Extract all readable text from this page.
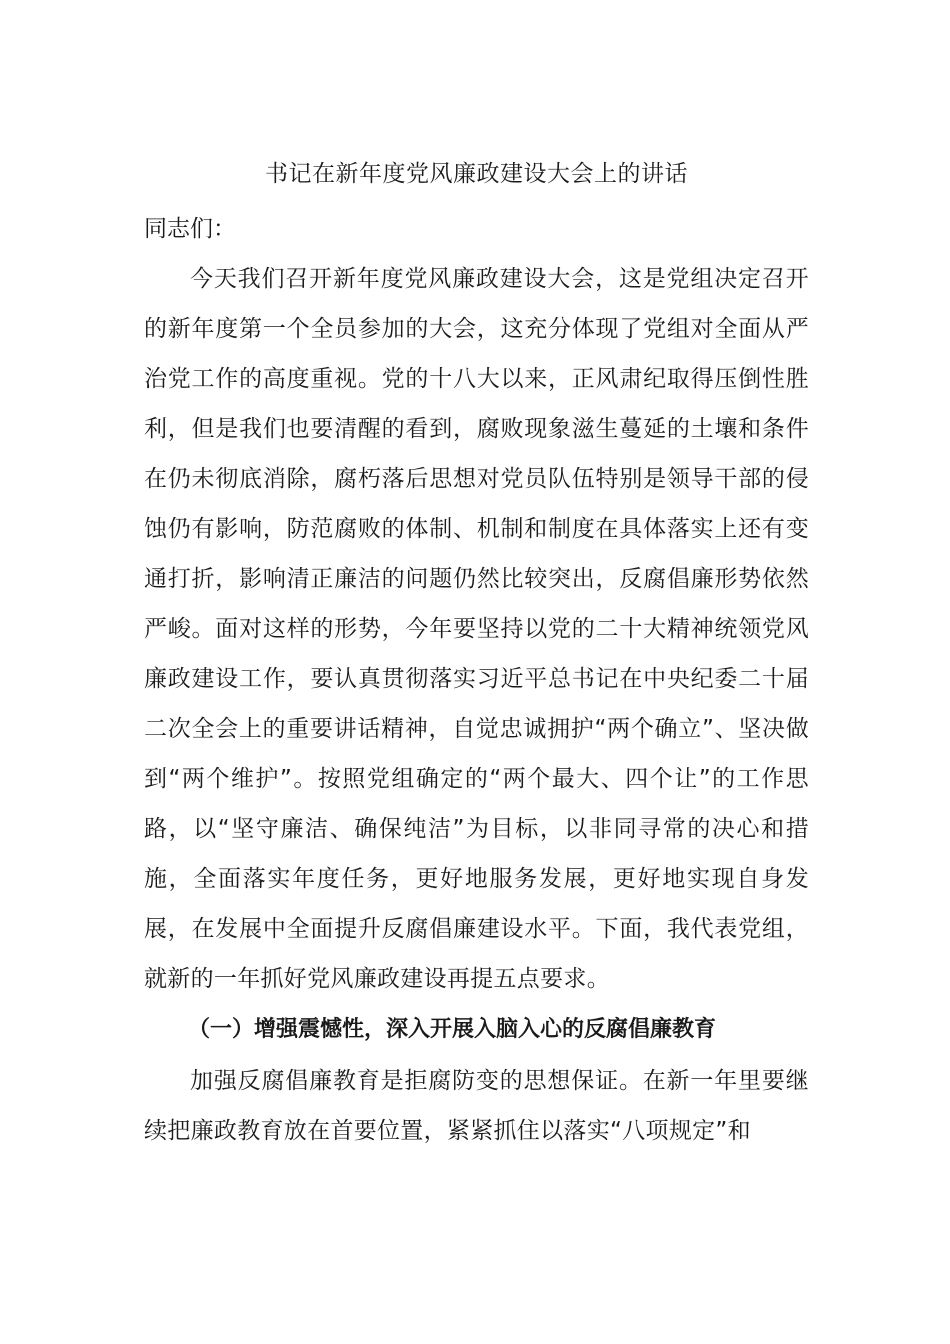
书记在新年度党风廉政建设大会上的讲话

同志们：

今天我们召开新年度党风廉政建设大会，这是党组决定召开的新年度第一个全员参加的大会，这充分体现了党组对全面从严治党工作的高度重视。党的十八大以来，正风肃纪取得压倒性胜利，但是我们也要清醒的看到，腐败现象滋生蔓延的土壤和条件在仍未彻底消除，腐朽落后思想对党员队伍特别是领导干部的侵蚀仍有影响，防范腐败的体制、机制和制度在具体落实上还有变通打折，影响清正廉洁的问题仍然比较突出，反腐倡廉形势依然严峻。面对这样的形势，今年要坚持以党的二十大精神统领党风廉政建设工作，要认真贯彻落实习近平总书记在中央纪委二十届二次全会上的重要讲话精神，自觉忠诚拥护“两个确立”、坚决做到“两个维护”。按照党组确定的“两个最大、四个让”的工作思路，以“坚守廉洁、确保纯洁”为目标，以非同寻常的决心和措施，全面落实年度任务，更好地服务发展，更好地实现自身发展，在发展中全面提升反腐倡廉建设水平。下面，我代表党组，就新的一年抓好党风廉政建设再提五点要求。

（一）增强震憾性，深入开展入脑入心的反腐倡廉教育

加强反腐倡廉教育是拒腐防变的思想保证。在新一年里要继续把廉政教育放在首要位置，紧紧抓住以落实“八项规定”和
